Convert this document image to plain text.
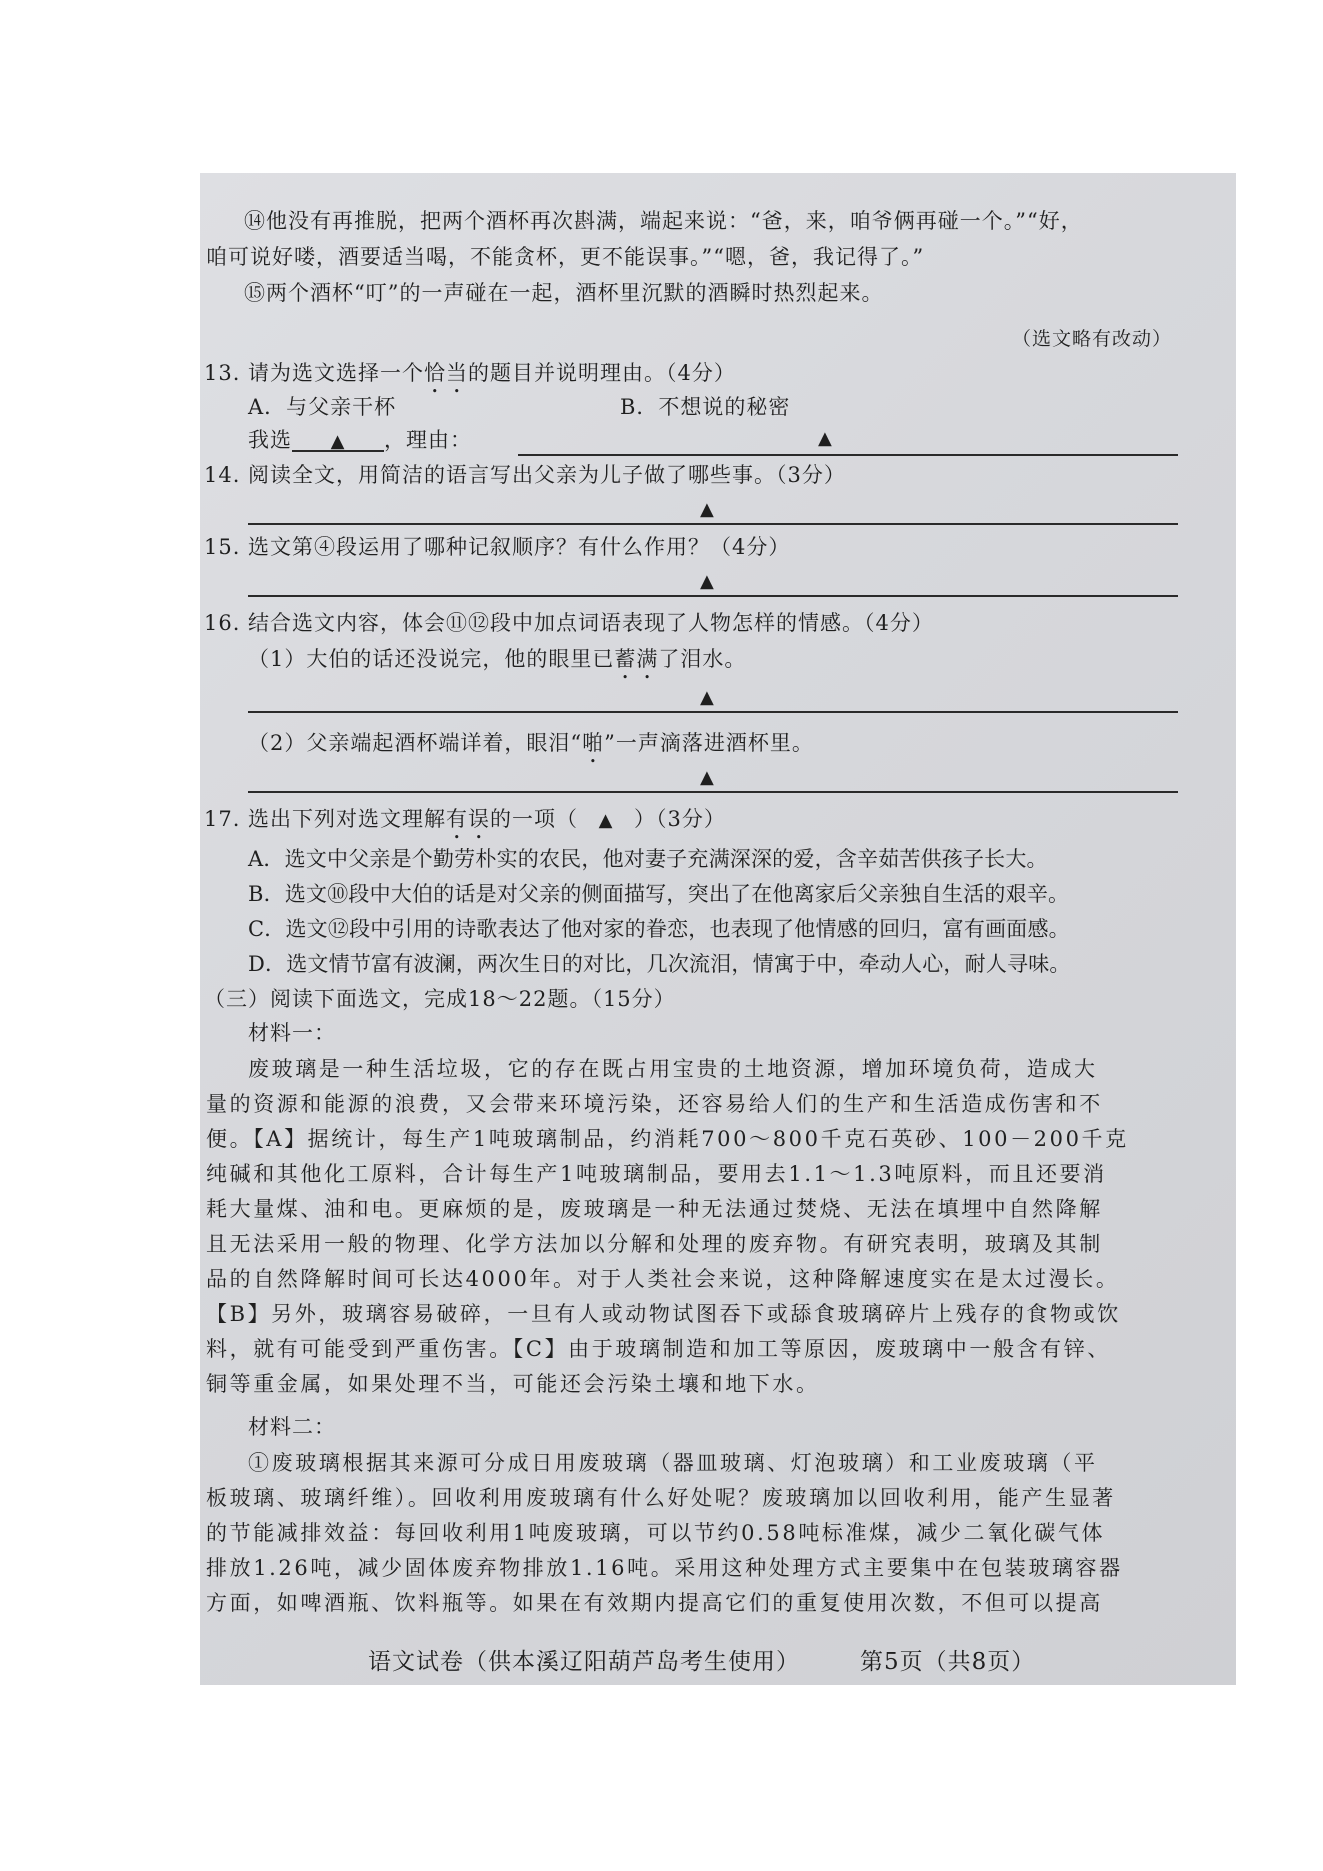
⑭他没有再推脱，把两个酒杯再次斟满，端起来说：“爸，来，咱爷俩再碰一个。”“好，
咱可说好喽，酒要适当喝，不能贪杯，更不能误事。”“嗯，爸，我记得了。”
⑮两个酒杯“叮”的一声碰在一起，酒杯里沉默的酒瞬时热烈起来。
（选文略有改动）
13. 请为选文选择一个恰当的题目并说明理由。（4分）
A．与父亲干杯	B．不想说的秘密
我选 ▲ ，理由：	▲
14. 阅读全文，用简洁的语言写出父亲为儿子做了哪些事。（3分）
▲
15. 选文第④段运用了哪种记叙顺序？有什么作用？（4分）
▲
16. 结合选文内容，体会⑪⑫段中加点词语表现了人物怎样的情感。（4分）
（1）大伯的话还没说完，他的眼里已蓄满了泪水。
▲
（2）父亲端起酒杯端详着，眼泪“啪”一声滴落进酒杯里。
▲
17. 选出下列对选文理解有误的一项（ ▲ ）（3分）
A．选文中父亲是个勤劳朴实的农民，他对妻子充满深深的爱，含辛茹苦供孩子长大。
B．选文⑩段中大伯的话是对父亲的侧面描写，突出了在他离家后父亲独自生活的艰辛。
C．选文⑫段中引用的诗歌表达了他对家的眷恋，也表现了他情感的回归，富有画面感。
D．选文情节富有波澜，两次生日的对比，几次流泪，情寓于中，牵动人心，耐人寻味。
（三）阅读下面选文，完成18～22题。（15分）
材料一：
废玻璃是一种生活垃圾，它的存在既占用宝贵的土地资源，增加环境负荷，造成大
量的资源和能源的浪费，又会带来环境污染，还容易给人们的生产和生活造成伤害和不
便。【A】据统计，每生产1吨玻璃制品，约消耗700～800千克石英砂、100－200千克
纯碱和其他化工原料，合计每生产1吨玻璃制品，要用去1.1～1.3吨原料，而且还要消
耗大量煤、油和电。更麻烦的是，废玻璃是一种无法通过焚烧、无法在填埋中自然降解
且无法采用一般的物理、化学方法加以分解和处理的废弃物。有研究表明，玻璃及其制
品的自然降解时间可长达4000年。对于人类社会来说，这种降解速度实在是太过漫长。
【B】另外，玻璃容易破碎，一旦有人或动物试图吞下或舔食玻璃碎片上残存的食物或饮
料，就有可能受到严重伤害。【C】由于玻璃制造和加工等原因，废玻璃中一般含有锌、
铜等重金属，如果处理不当，可能还会污染土壤和地下水。
材料二：
①废玻璃根据其来源可分成日用废玻璃（器皿玻璃、灯泡玻璃）和工业废玻璃（平
板玻璃、玻璃纤维）。回收利用废玻璃有什么好处呢？废玻璃加以回收利用，能产生显著
的节能减排效益：每回收利用1吨废玻璃，可以节约0.58吨标准煤，减少二氧化碳气体
排放1.26吨，减少固体废弃物排放1.16吨。采用这种处理方式主要集中在包装玻璃容器
方面，如啤酒瓶、饮料瓶等。如果在有效期内提高它们的重复使用次数，不但可以提高
语文试卷（供本溪辽阳葫芦岛考生使用）	第5页（共8页）
